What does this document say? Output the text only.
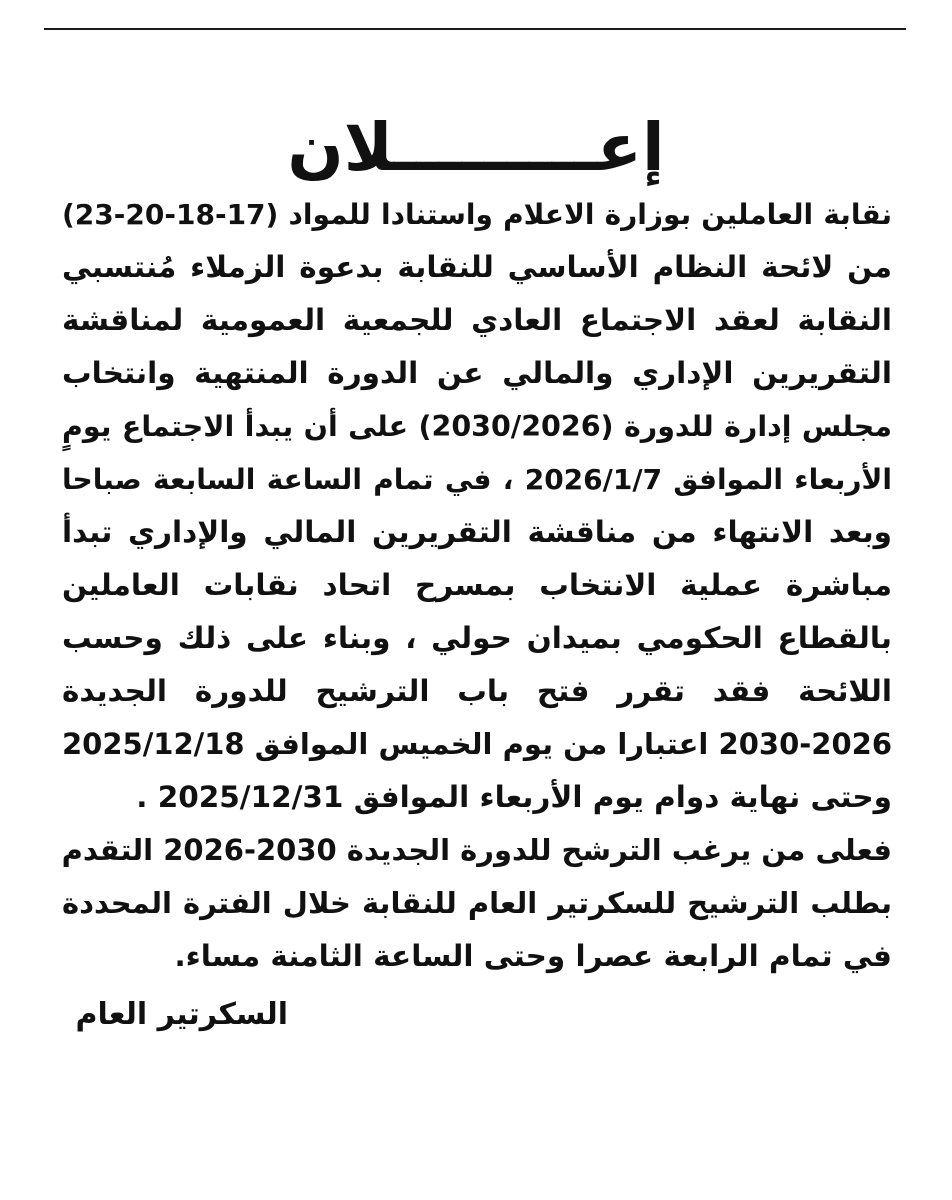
إعـــــــــلان
نقابة العاملين بوزارة الاعلام واستنادا للمواد (17-18-20-23)
من لائحة النظام الأساسي للنقابة بدعوة الزملاء مُنتسبي
النقابة لعقد الاجتماع العادي للجمعية العمومية لمناقشة
التقريرين الإداري والمالي عن الدورة المنتهية وانتخاب
مجلس إدارة للدورة (2030/2026) على أن يبدأ الاجتماع يومٍ
الأربعاء الموافق 2026/1/7 ، في تمام الساعة السابعة صباحا
وبعد الانتهاء من مناقشة التقريرين المالي والإداري تبدأ
مباشرة عملية الانتخاب بمسرح اتحاد نقابات العاملين
بالقطاع الحكومي بميدان حولي ، وبناء على ذلك وحسب
اللائحة فقد تقرر فتح باب الترشيح للدورة الجديدة
2030-2026 اعتبارا من يوم الخميس الموافق 2025/12/18
وحتى نهاية دوام يوم الأربعاء الموافق 2025/12/31 .
فعلى من يرغب الترشح للدورة الجديدة 2030-2026 التقدم
بطلب الترشيح للسكرتير العام للنقابة خلال الفترة المحددة
في تمام الرابعة عصرا وحتى الساعة الثامنة مساء.
السكرتير العام
